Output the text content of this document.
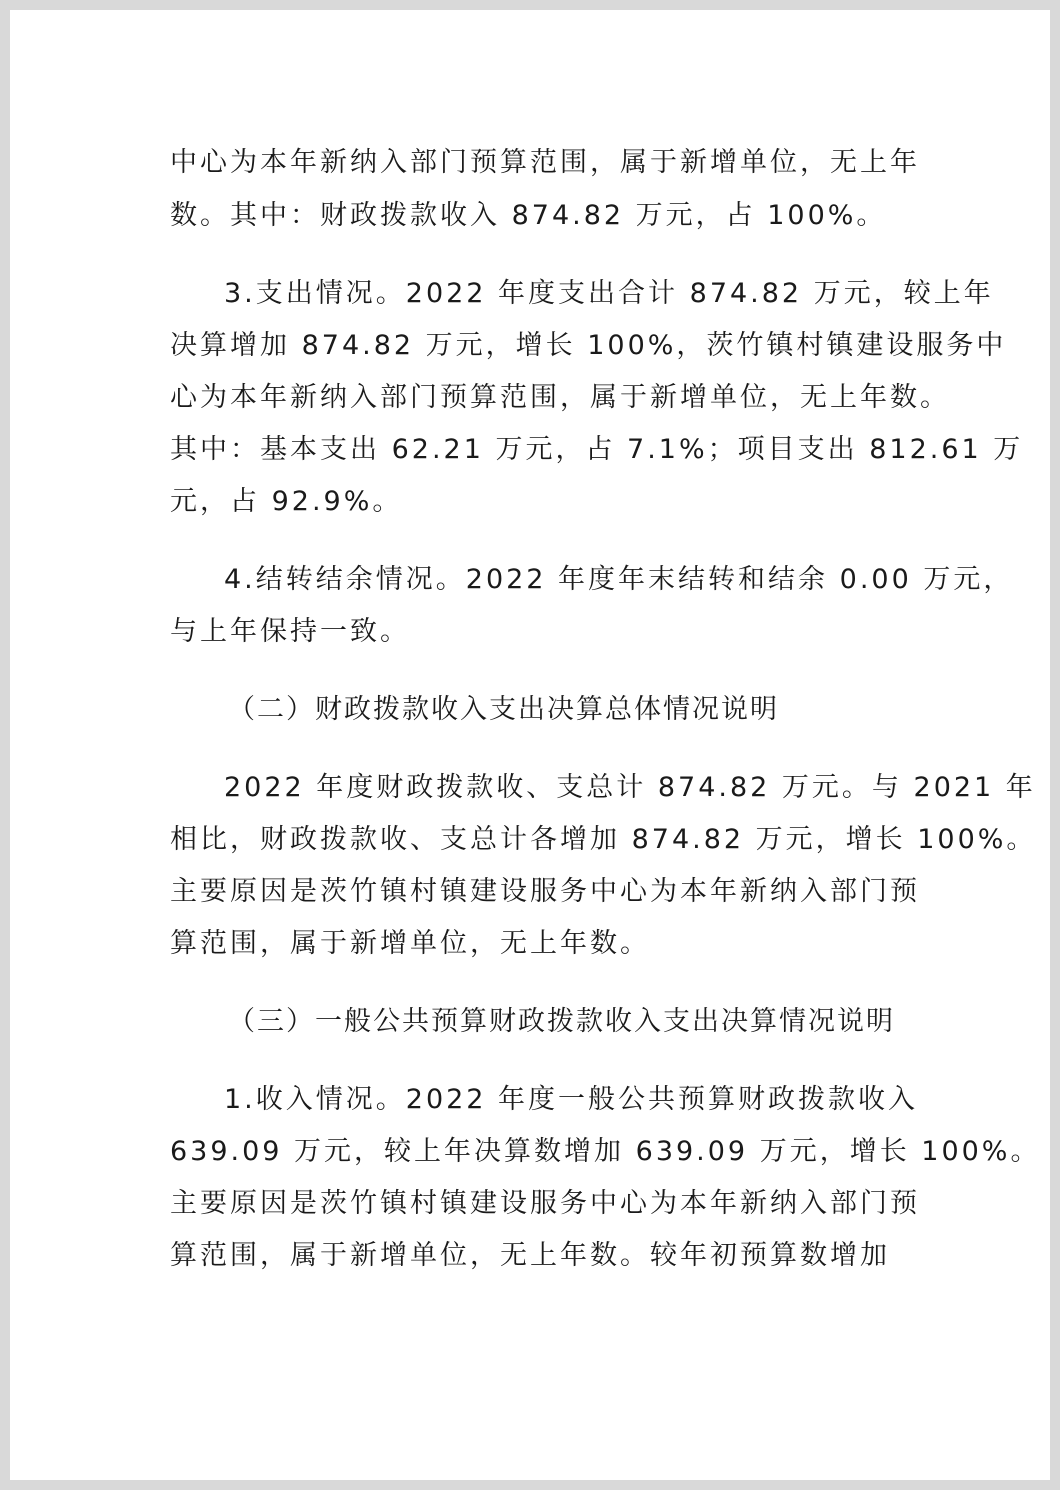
中心为本年新纳入部门预算范围，属于新增单位，无上年
数。其中：财政拨款收入 874.82 万元，占 100%。
3.支出情况。2022 年度支出合计 874.82 万元，较上年
决算增加 874.82 万元，增长 100%，茨竹镇村镇建设服务中
心为本年新纳入部门预算范围，属于新增单位，无上年数。
其中：基本支出 62.21 万元，占 7.1%；项目支出 812.61 万
元，占 92.9%。
4.结转结余情况。2022 年度年末结转和结余 0.00 万元，
与上年保持一致。
（二）财政拨款收入支出决算总体情况说明
2022 年度财政拨款收、支总计 874.82 万元。与 2021 年
相比，财政拨款收、支总计各增加 874.82 万元，增长 100%。
主要原因是茨竹镇村镇建设服务中心为本年新纳入部门预
算范围，属于新增单位，无上年数。
（三）一般公共预算财政拨款收入支出决算情况说明
1.收入情况。2022 年度一般公共预算财政拨款收入
639.09 万元，较上年决算数增加 639.09 万元，增长 100%。
主要原因是茨竹镇村镇建设服务中心为本年新纳入部门预
算范围，属于新增单位，无上年数。较年初预算数增加
